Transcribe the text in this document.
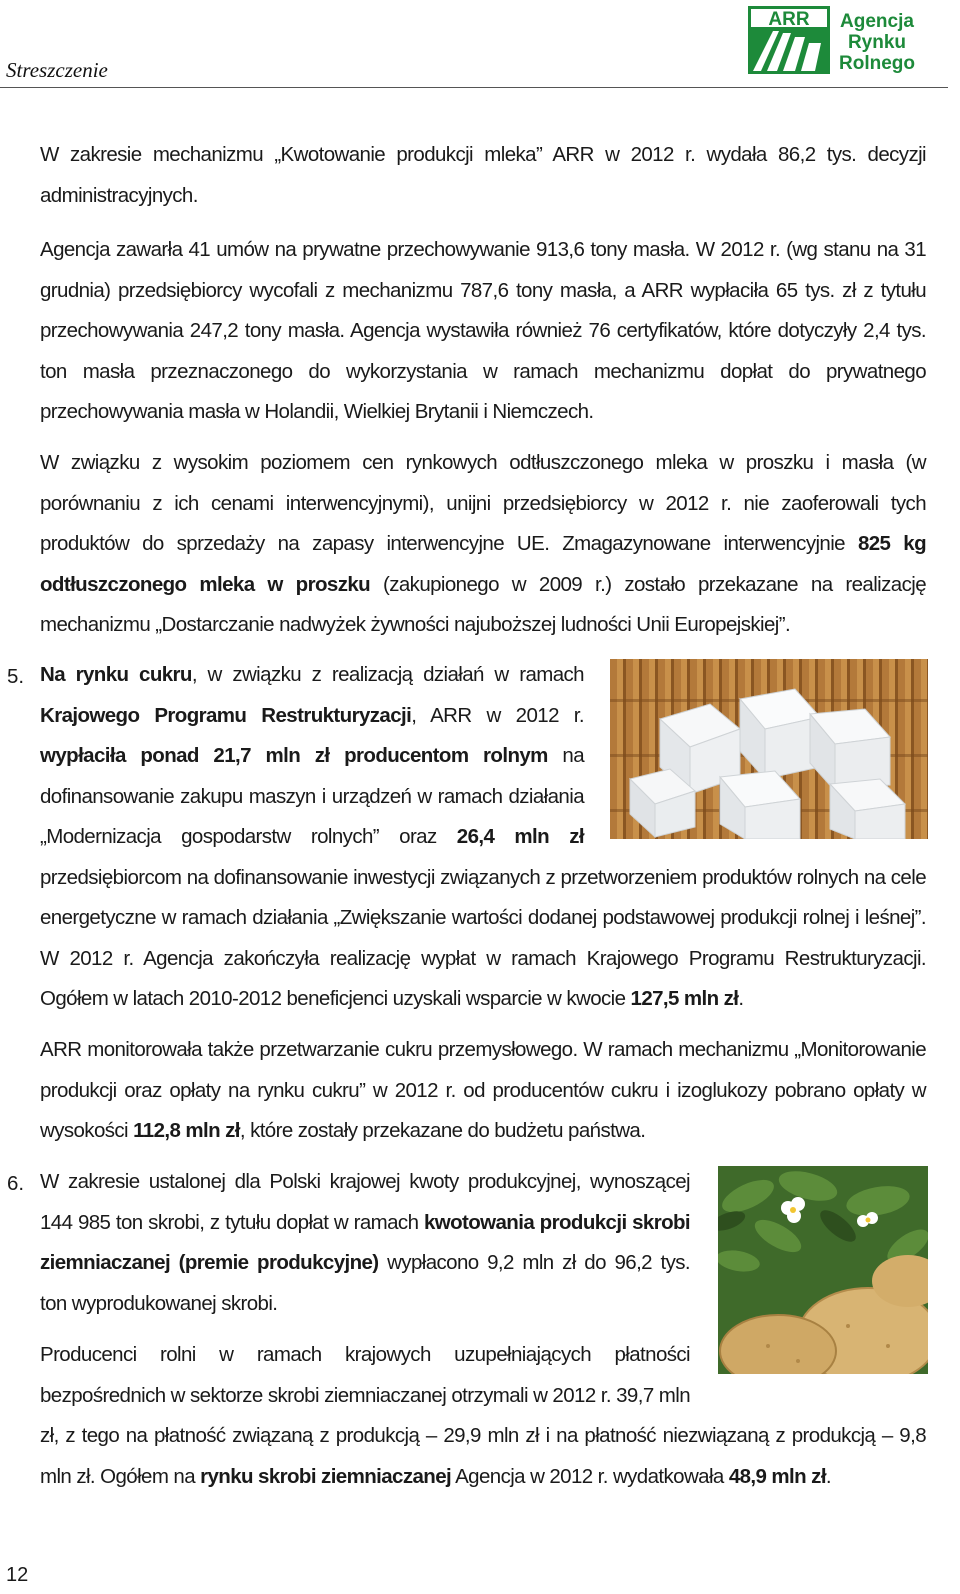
Streszczenie
ARR Agencja
Rynku
Rolnego

W zakresie mechanizmu „Kwotowanie produkcji mleka” ARR w 2012 r. wydała 86,2 tys. decyzji administracyjnych.

Agencja zawarła 41 umów na prywatne przechowywanie 913,6 tony masła. W 2012 r. (wg stanu na 31 grudnia) przedsiębiorcy wycofali z mechanizmu 787,6 tony masła, a ARR wypłaciła 65 tys. zł z tytułu przechowywania 247,2 tony masła. Agencja wystawiła również 76 certyfikatów, które dotyczyły 2,4 tys. ton masła przeznaczonego do wykorzystania w ramach mechanizmu dopłat do prywatnego przechowywania masła w Holandii, Wielkiej Brytanii i Niemczech.

W związku z wysokim poziomem cen rynkowych odtłuszczonego mleka w proszku i masła (w porównaniu z ich cenami interwencyjnymi), unijni przedsiębiorcy w 2012 r. nie zaoferowali tych produktów do sprzedaży na zapasy interwencyjne UE. Zmagazynowane interwencyjnie 825 kg odtłuszczonego mleka w proszku (zakupionego w 2009 r.) zostało przekazane na realizację mechanizmu „Dostarczanie nadwyżek żywności najuboższej ludności Unii Europejskiej”.

5. Na rynku cukru, w związku z realizacją działań w ramach Krajowego Programu Restrukturyzacji, ARR w 2012 r. wypłaciła ponad 21,7 mln zł producentom rolnym na dofinansowanie zakupu maszyn i urządzeń w ramach działania „Modernizacja gospodarstw rolnych” oraz 26,4 mln zł przedsiębiorcom na dofinansowanie inwestycji związanych z przetworzeniem produktów rolnych na cele energetyczne w ramach działania „Zwiększanie wartości dodanej podstawowej produkcji rolnej i leśnej”. W 2012 r. Agencja zakończyła realizację wypłat w ramach Krajowego Programu Restrukturyzacji. Ogółem w latach 2010-2012 beneficjenci uzyskali wsparcie w kwocie 127,5 mln zł.

ARR monitorowała także przetwarzanie cukru przemysłowego. W ramach mechanizmu „Monitorowanie produkcji oraz opłaty na rynku cukru” w 2012 r. od producentów cukru i izoglukozy pobrano opłaty w wysokości 112,8 mln zł, które zostały przekazane do budżetu państwa.

6. W zakresie ustalonej dla Polski krajowej kwoty produkcyjnej, wynoszącej 144 985 ton skrobi, z tytułu dopłat w ramach kwotowania produkcji skrobi ziemniaczanej (premie produkcyjne) wypłacono 9,2 mln zł do 96,2 tys. ton wyprodukowanej skrobi.

Producenci rolni w ramach krajowych uzupełniających płatności bezpośrednich w sektorze skrobi ziemniaczanej otrzymali w 2012 r. 39,7 mln zł, z tego na płatność związaną z produkcją – 29,9 mln zł i na płatność niezwiązaną z produkcją – 9,8 mln zł. Ogółem na rynku skrobi ziemniaczanej Agencja w 2012 r. wydatkowała 48,9 mln zł.

12
